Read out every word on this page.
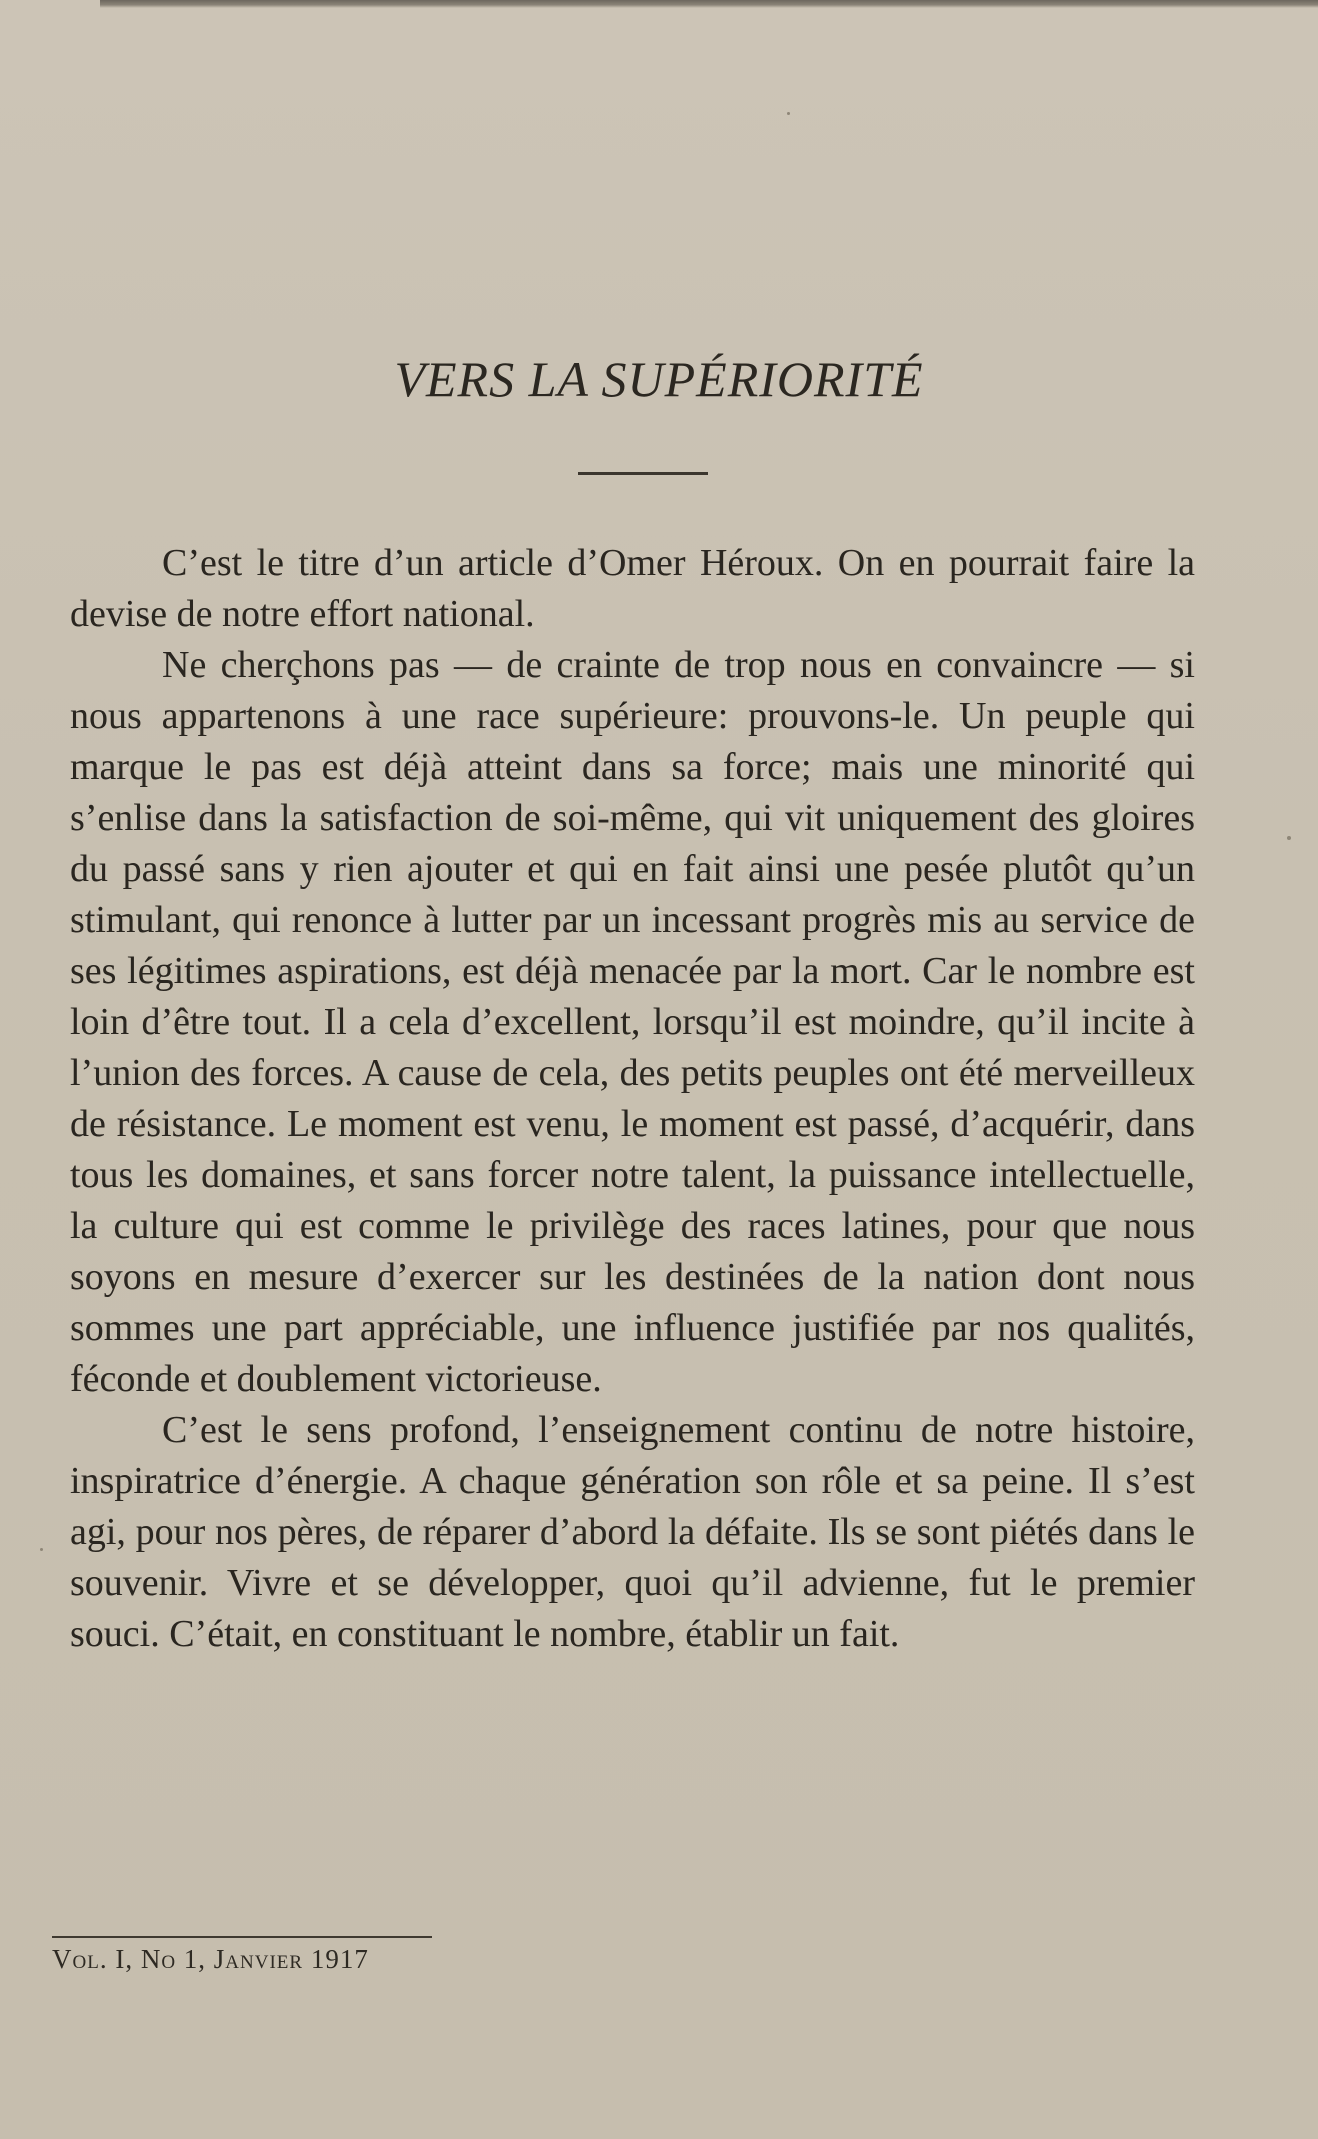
VERS LA SUPÉRIORITÉ

C’est le titre d’un article d’Omer Héroux. On en pourrait faire la devise de notre effort national.

Ne cherçhons pas — de crainte de trop nous en convaincre — si nous appartenons à une race supérieure: prouvons-le. Un peuple qui marque le pas est déjà atteint dans sa force; mais une minorité qui s’enlise dans la satisfaction de soi-même, qui vit uniquement des gloires du passé sans y rien ajouter et qui en fait ainsi une pesée plutôt qu’un stimulant, qui renonce à lutter par un incessant progrès mis au service de ses légitimes aspirations, est déjà menacée par la mort. Car le nombre est loin d’être tout. Il a cela d’excellent, lorsqu’il est moindre, qu’il incite à l’union des forces. A cause de cela, des petits peuples ont été merveilleux de résistance. Le moment est venu, le moment est passé, d’acquérir, dans tous les domaines, et sans forcer notre talent, la puissance intellectuelle, la culture qui est comme le privilège des races latines, pour que nous soyons en mesure d’exercer sur les destinées de la nation dont nous sommes une part appréciable, une influence justifiée par nos qualités, féconde et doublement victorieuse.

C’est le sens profond, l’enseignement continu de notre histoire, inspiratrice d’énergie. A chaque génération son rôle et sa peine. Il s’est agi, pour nos pères, de réparer d’abord la défaite. Ils se sont piétés dans le souvenir. Vivre et se développer, quoi qu’il advienne, fut le premier souci. C’était, en constituant le nombre, établir un fait.

Vol. I, No 1, Janvier 1917
